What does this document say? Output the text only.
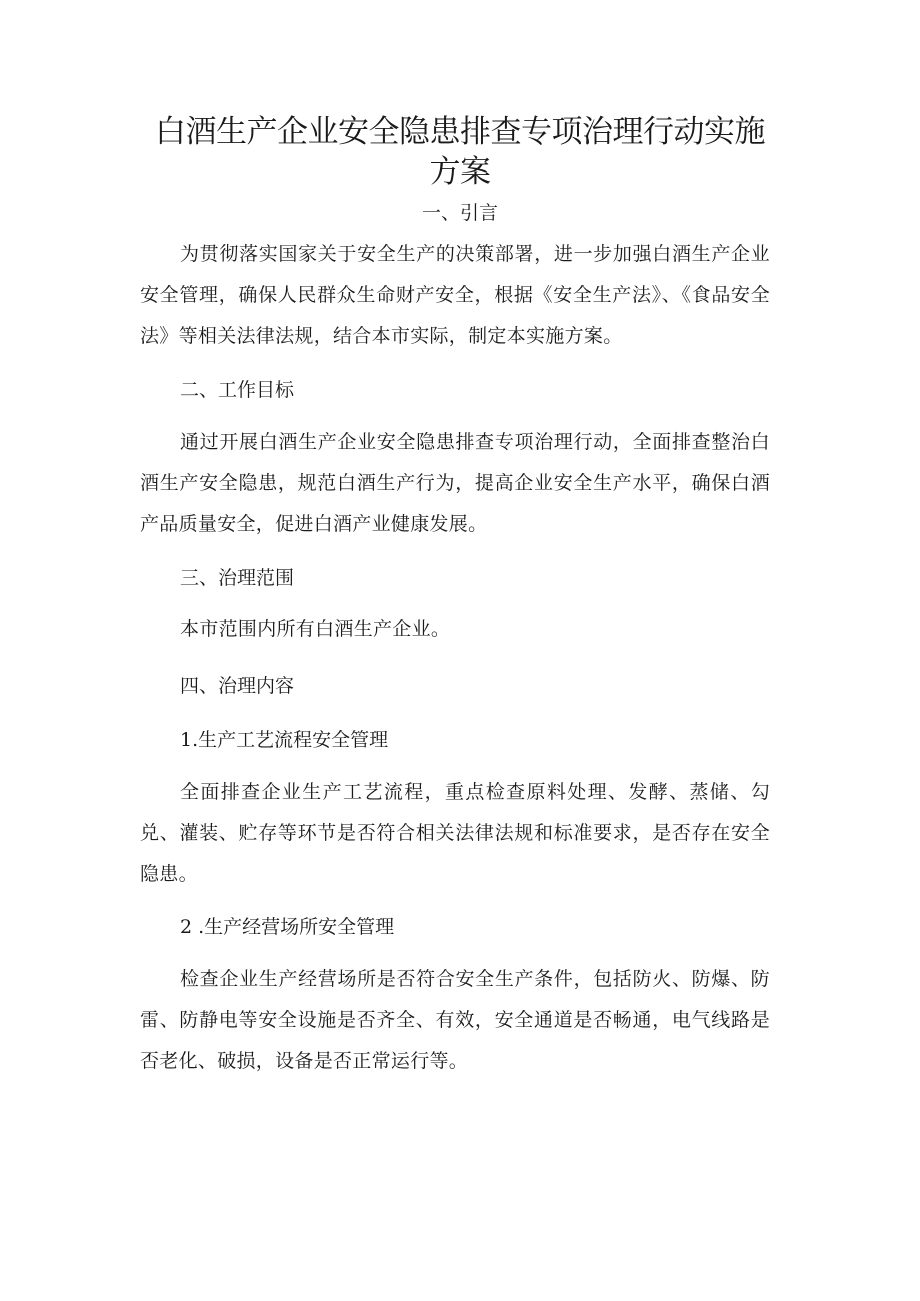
白酒生产企业安全隐患排查专项治理行动实施方案

一、引言

为贯彻落实国家关于安全生产的决策部署，进一步加强白酒生产企业安全管理，确保人民群众生命财产安全，根据《安全生产法》、《食品安全法》等相关法律法规，结合本市实际，制定本实施方案。

二、工作目标

通过开展白酒生产企业安全隐患排查专项治理行动，全面排查整治白酒生产安全隐患，规范白酒生产行为，提高企业安全生产水平，确保白酒产品质量安全，促进白酒产业健康发展。

三、治理范围

本市范围内所有白酒生产企业。

四、治理内容

1.生产工艺流程安全管理

全面排查企业生产工艺流程，重点检查原料处理、发酵、蒸储、勾兑、灌装、贮存等环节是否符合相关法律法规和标准要求，是否存在安全隐患。

2 .生产经营场所安全管理

检查企业生产经营场所是否符合安全生产条件，包括防火、防爆、防雷、防静电等安全设施是否齐全、有效，安全通道是否畅通，电气线路是否老化、破损，设备是否正常运行等。
